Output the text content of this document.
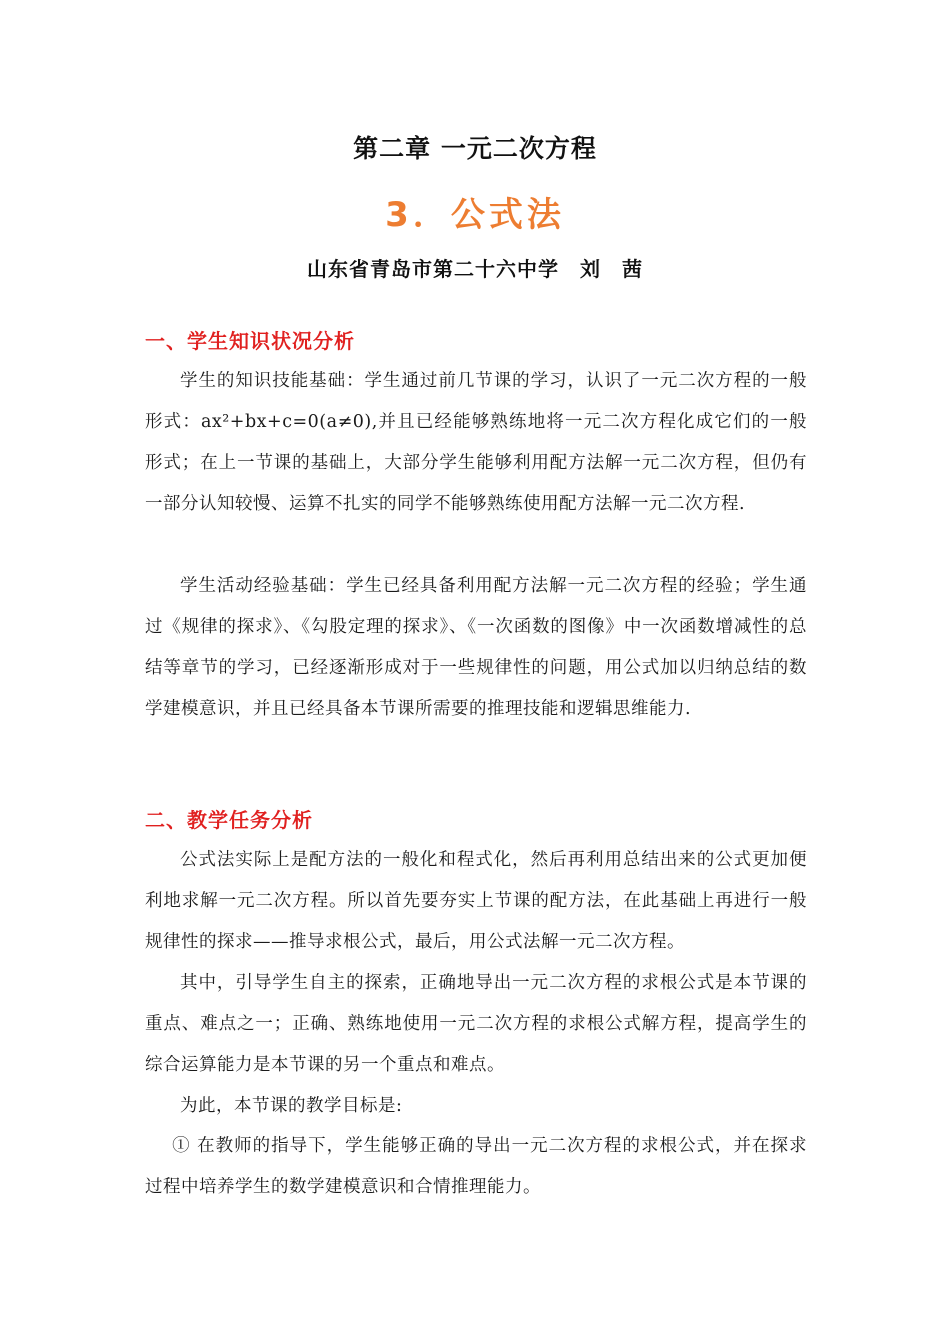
第二章 一元二次方程
3．公式法
山东省青岛市第二十六中学　刘　茜
一、学生知识状况分析
学生的知识技能基础：学生通过前几节课的学习，认识了一元二次方程的一般形式：ax²+bx+c=0(a≠0),并且已经能够熟练地将一元二次方程化成它们的一般形式；在上一节课的基础上，大部分学生能够利用配方法解一元二次方程，但仍有一部分认知较慢、运算不扎实的同学不能够熟练使用配方法解一元二次方程.
学生活动经验基础：学生已经具备利用配方法解一元二次方程的经验；学生通过《规律的探求》、《勾股定理的探求》、《一次函数的图像》中一次函数增减性的总结等章节的学习，已经逐渐形成对于一些规律性的问题，用公式加以归纳总结的数学建模意识，并且已经具备本节课所需要的推理技能和逻辑思维能力.
二、教学任务分析
公式法实际上是配方法的一般化和程式化，然后再利用总结出来的公式更加便利地求解一元二次方程。所以首先要夯实上节课的配方法，在此基础上再进行一般规律性的探求——推导求根公式，最后，用公式法解一元二次方程。
其中，引导学生自主的探索，正确地导出一元二次方程的求根公式是本节课的重点、难点之一；正确、熟练地使用一元二次方程的求根公式解方程，提高学生的综合运算能力是本节课的另一个重点和难点。
为此，本节课的教学目标是:
① 在教师的指导下，学生能够正确的导出一元二次方程的求根公式，并在探求过程中培养学生的数学建模意识和合情推理能力。
